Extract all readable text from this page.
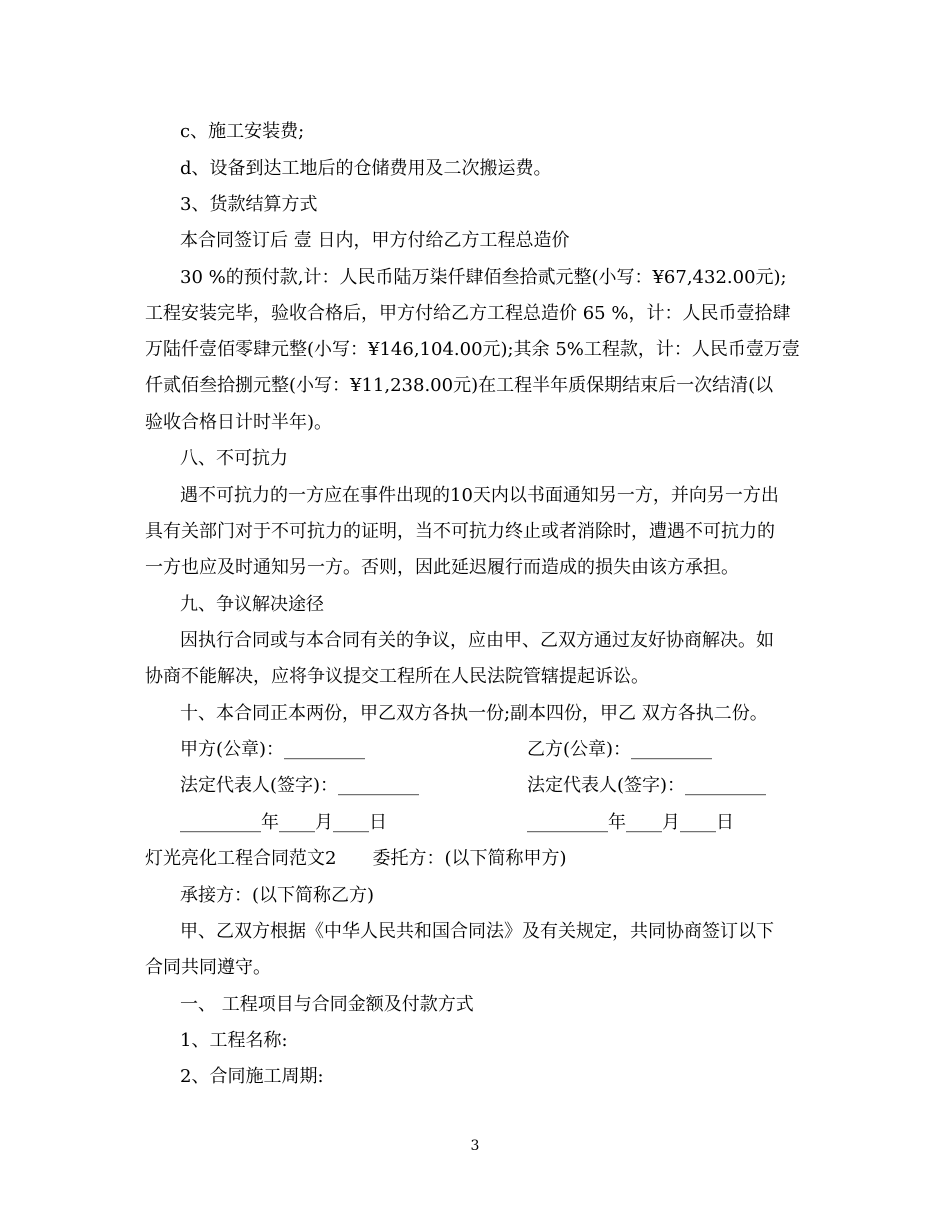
c、施工安装费;
d、设备到达工地后的仓储费用及二次搬运费。
3、货款结算方式
本合同签订后 壹 日内，甲方付给乙方工程总造价
30 %的预付款,计：人民币陆万柒仟肆佰叁拾贰元整(小写：¥67,432.00元);
工程安装完毕，验收合格后，甲方付给乙方工程总造价 65 %，计：人民币壹拾肆
万陆仟壹佰零肆元整(小写：¥146,104.00元);其余 5%工程款，计：人民币壹万壹
仟贰佰叁拾捌元整(小写：¥11,238.00元)在工程半年质保期结束后一次结清(以
验收合格日计时半年)。
八、不可抗力
遇不可抗力的一方应在事件出现的10天内以书面通知另一方，并向另一方出
具有关部门对于不可抗力的证明，当不可抗力终止或者消除时，遭遇不可抗力的
一方也应及时通知另一方。否则，因此延迟履行而造成的损失由该方承担。
九、争议解决途径
因执行合同或与本合同有关的争议，应由甲、乙双方通过友好协商解决。如
协商不能解决，应将争议提交工程所在人民法院管辖提起诉讼。
十、本合同正本两份，甲乙双方各执一份;副本四份，甲乙 双方各执二份。
甲方(公章)：_________	乙方(公章)：_________
法定代表人(签字)：_________	法定代表人(签字)：_________
_________年____月____日	_________年____月____日
灯光亮化工程合同范文2　　委托方：(以下简称甲方)
承接方：(以下简称乙方)
甲、乙双方根据《中华人民共和国合同法》及有关规定，共同协商签订以下
合同共同遵守。
一、 工程项目与合同金额及付款方式
1、工程名称:
2、合同施工周期:
3
